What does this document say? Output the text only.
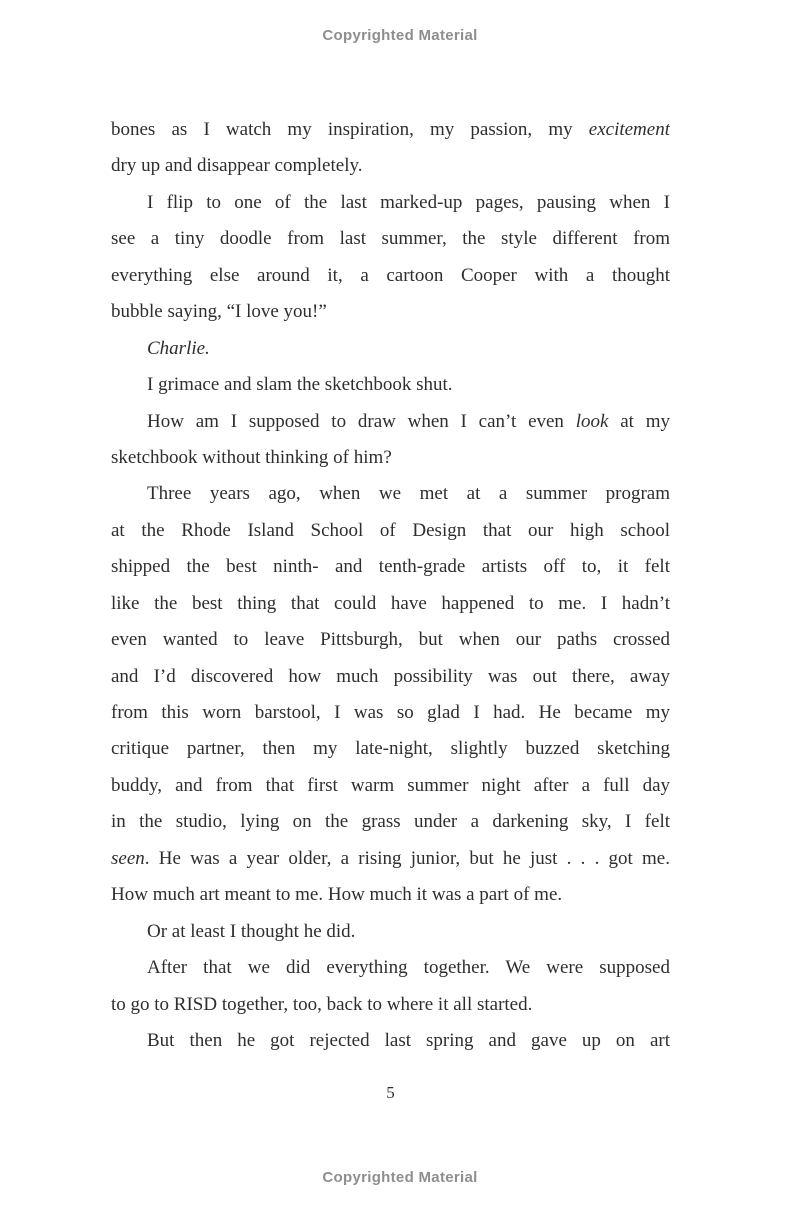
Copyrighted Material
bones as I watch my inspiration, my passion, my excitement
dry up and disappear completely.
I flip to one of the last marked-up pages, pausing when I
see a tiny doodle from last summer, the style different from
everything else around it, a cartoon Cooper with a thought
bubble saying, “I love you!”
Charlie.
I grimace and slam the sketchbook shut.
How am I supposed to draw when I can’t even look at my
sketchbook without thinking of him?
Three years ago, when we met at a summer program
at the Rhode Island School of Design that our high school
shipped the best ninth- and tenth-grade artists off to, it felt
like the best thing that could have happened to me. I hadn’t
even wanted to leave Pittsburgh, but when our paths crossed
and I’d discovered how much possibility was out there, away
from this worn barstool, I was so glad I had. He became my
critique partner, then my late-night, slightly buzzed sketching
buddy, and from that first warm summer night after a full day
in the studio, lying on the grass under a darkening sky, I felt
seen. He was a year older, a rising junior, but he just . . . got me.
How much art meant to me. How much it was a part of me.
Or at least I thought he did.
After that we did everything together. We were supposed
to go to RISD together, too, back to where it all started.
But then he got rejected last spring and gave up on art
5
Copyrighted Material
